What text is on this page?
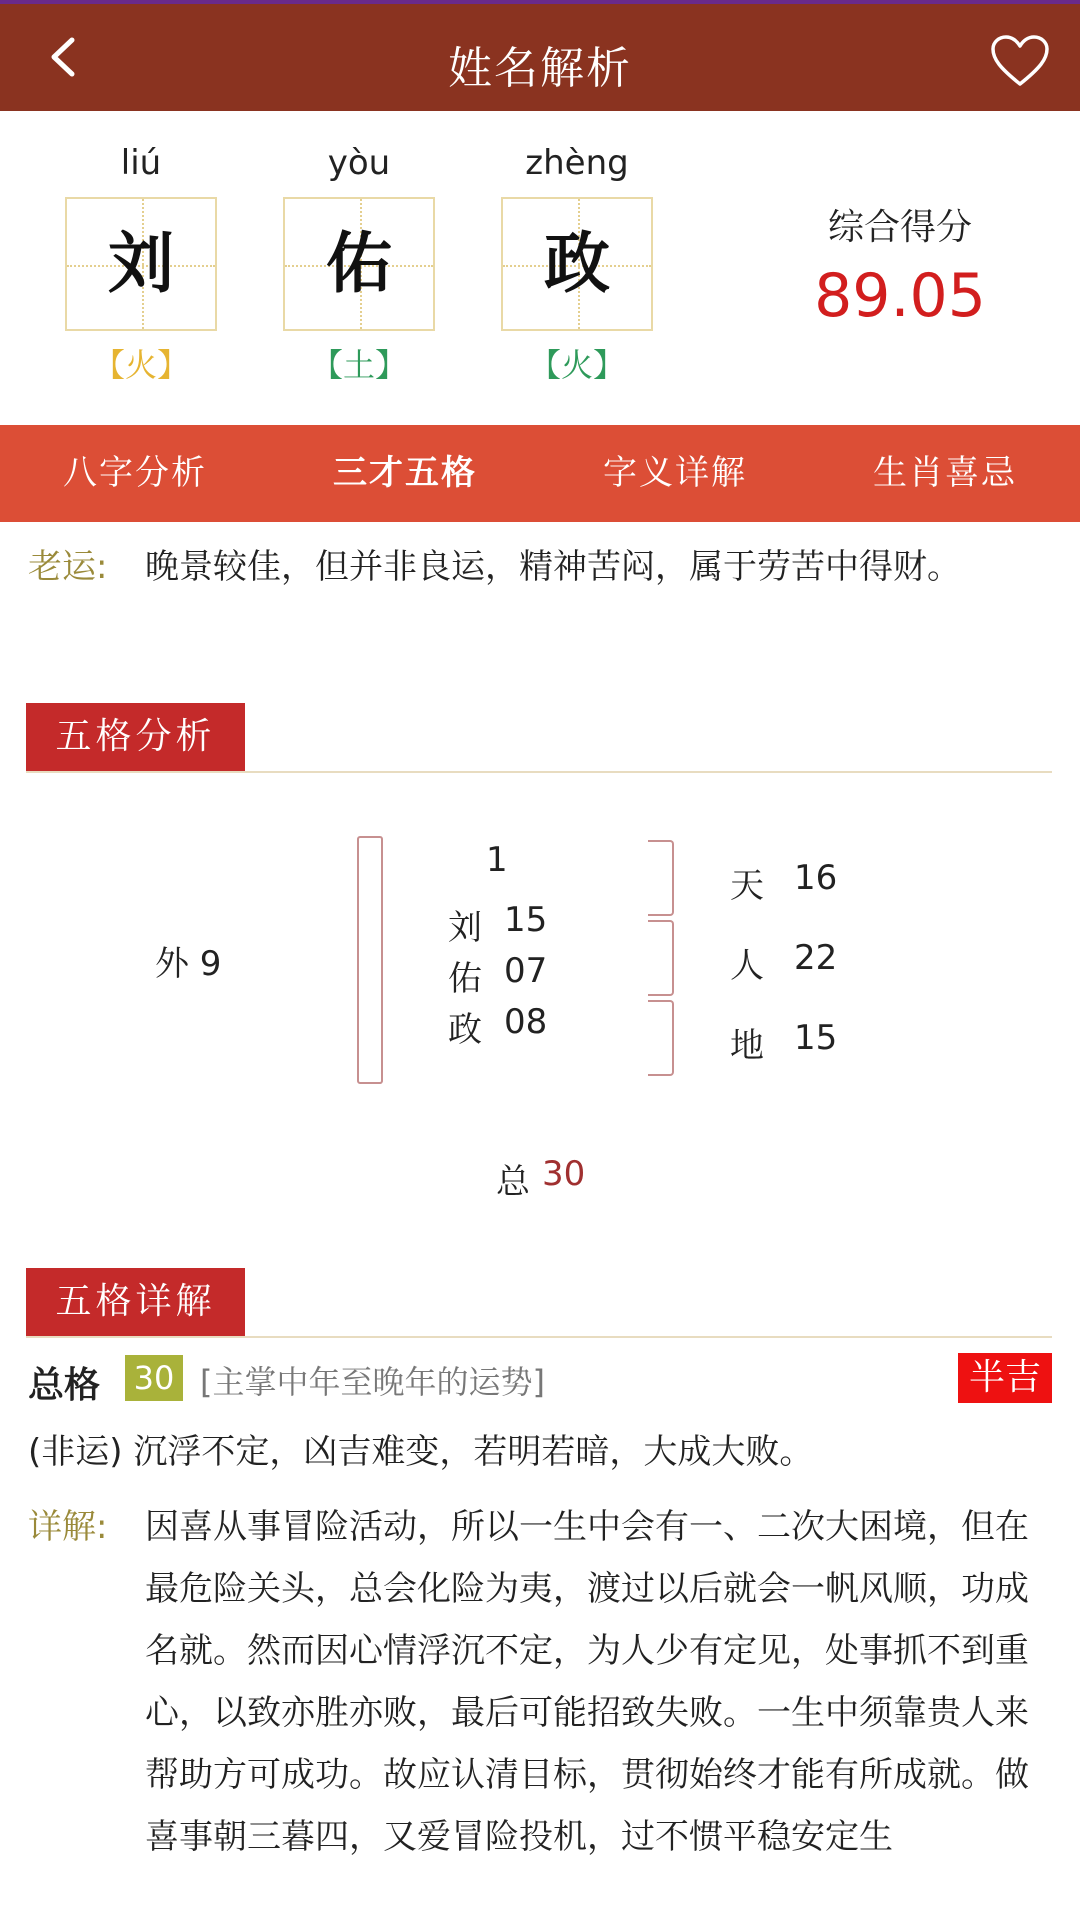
姓名解析
liú
刘
【火】
yòu
佑
【土】
zhèng
政
【火】
综合得分
89.05
八字分析	三才五格	字义详解	生肖喜忌
老运: 晚景较佳，但并非良运，精神苦闷，属于劳苦中得财。
五格分析
外 9
1
刘 15
佑 07
政 08
天 16
人 22
地 15
总 30
五格详解
总格 30 [主掌中年至晚年的运势]	半吉
(非运) 沉浮不定，凶吉难变，若明若暗，大成大败。
详解: 因喜从事冒险活动，所以一生中会有一、二次大困境，但在最危险关头，总会化险为夷，渡过以后就会一帆风顺，功成名就。然而因心情浮沉不定，为人少有定见，处事抓不到重心，以致亦胜亦败，最后可能招致失败。一生中须靠贵人来帮助方可成功。故应认清目标，贯彻始终才能有所成就。做喜事朝三暮四，又爱冒险投机，过不惯平稳安定生
